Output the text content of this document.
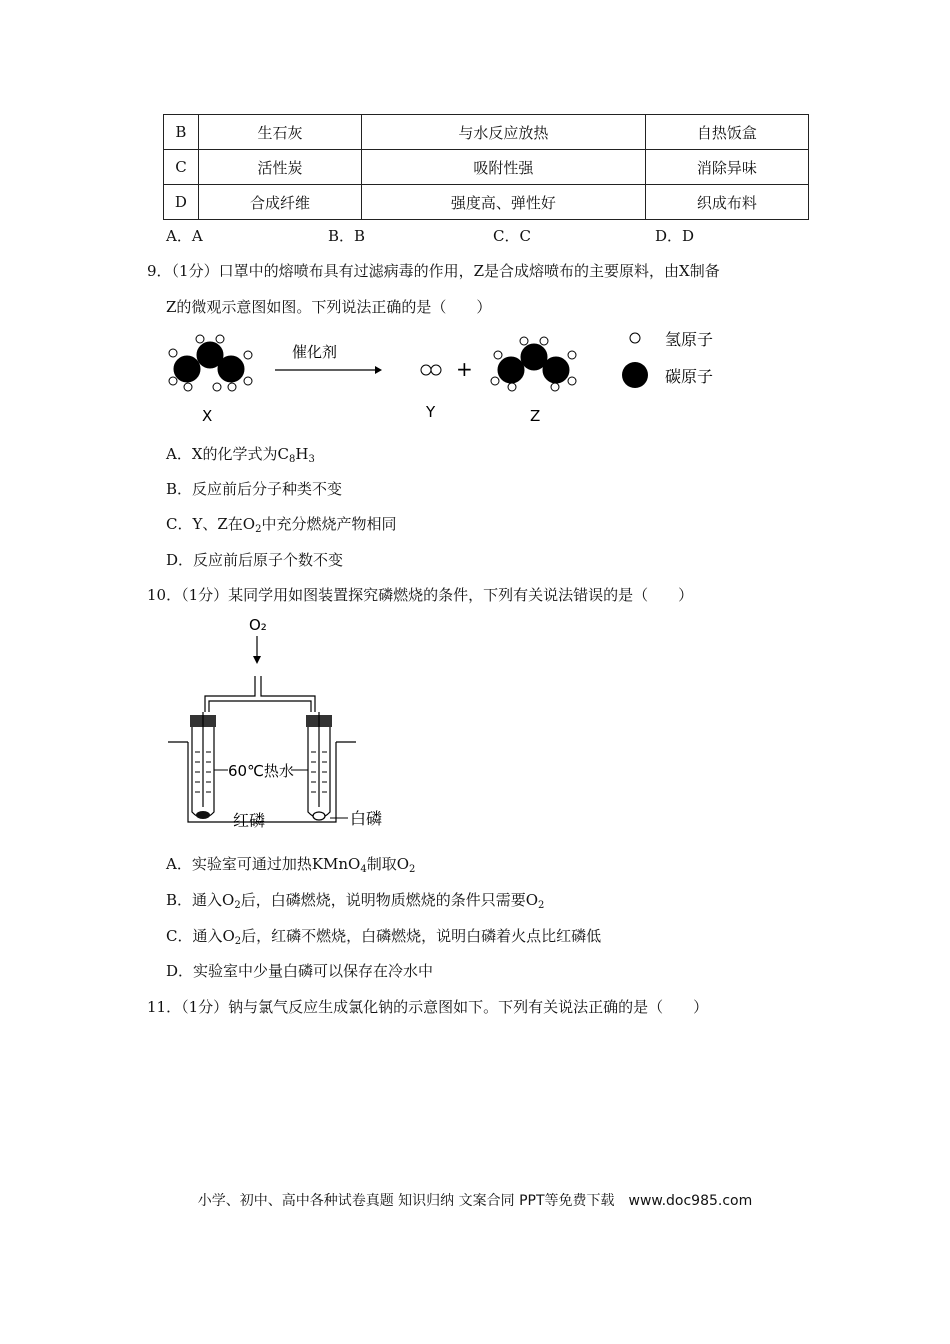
B	生石灰	与水反应放热	自热饭盒
C	活性炭	吸附性强	消除异味
D	合成纤维	强度高、弹性好	织成布料
A．A	B．B	C．C	D．D
9．（1分）口罩中的熔喷布具有过滤病毒的作用，Z是合成熔喷布的主要原料，由X制备
Z的微观示意图如图。下列说法正确的是（　　）
X
催化剂
Y
+
Z
氢原子
碳原子
A．X的化学式为$C_8H_3$
B．反应前后分子种类不变
C．Y、Z在$O_2$中充分燃烧产物相同
D．反应前后原子个数不变
10．（1分）某同学用如图装置探究磷燃烧的条件，下列有关说法错误的是（　　）
O₂
60℃热水
红磷	白磷
A．实验室可通过加热KMnO$_4$制取$O_2$
B．通入$O_2$后，白磷燃烧，说明物质燃烧的条件只需要$O_2$
C．通入$O_2$后，红磷不燃烧，白磷燃烧，说明白磷着火点比红磷低
D．实验室中少量白磷可以保存在冷水中
11．（1分）钠与氯气反应生成氯化钠的示意图如下。下列有关说法正确的是（　　）
小学、初中、高中各种试卷真题 知识归纳 文案合同 PPT等免费下载　www.doc985.com
